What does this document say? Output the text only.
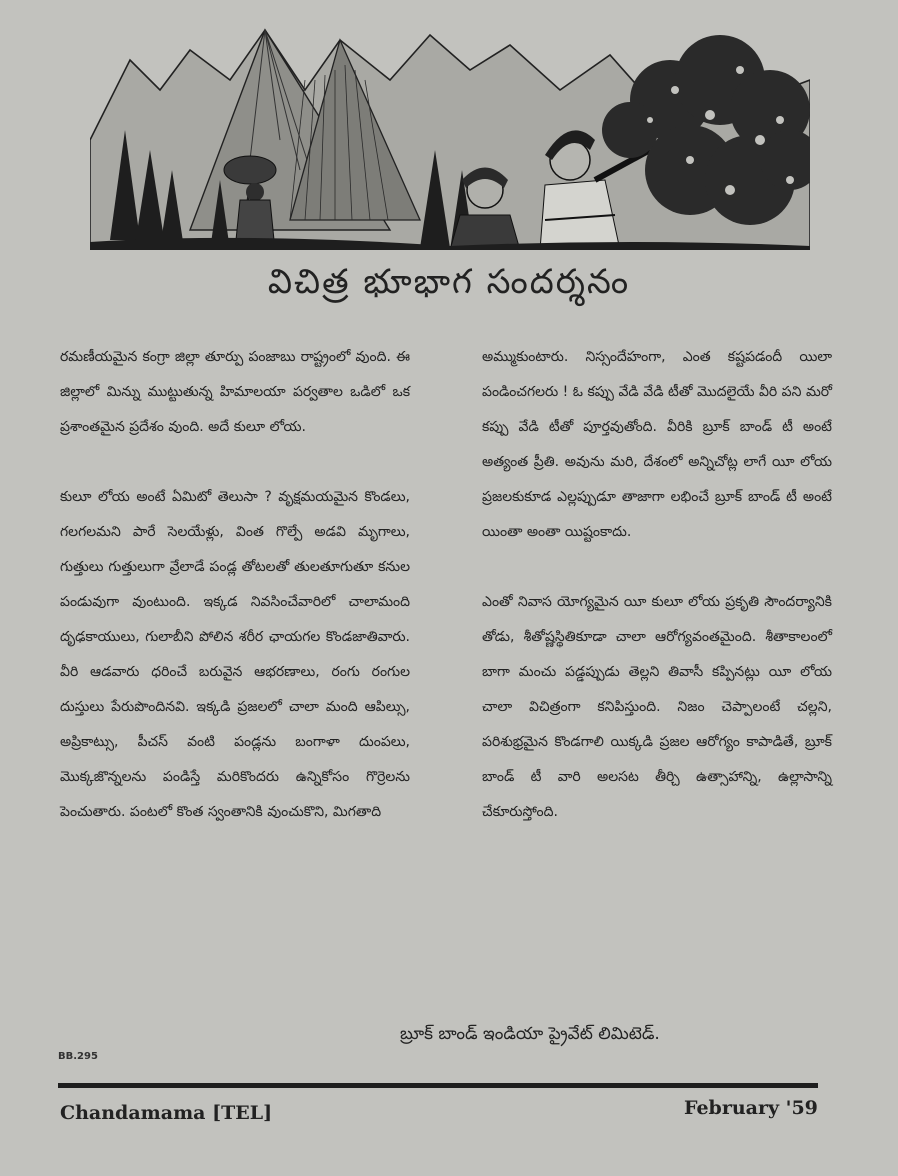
విచిత్ర భూభాగ సందర్శనం

రమణీయమైన కంగ్రా జిల్లా తూర్పు పంజాబు రాష్ట్రంలో వుంది. ఈ జిల్లాలో మిన్ను ముట్టుతున్న హిమాలయా పర్వతాల ఒడిలో ఒక ప్రశాంతమైన ప్రదేశం వుంది. అదే కులూ లోయ.

కులూ లోయ అంటే ఏమిటో తెలుసా ? వృక్షమయమైన కొండలు, గలగలమని పారే సెలయేళ్లు, వింత గొల్పే అడవి మృగాలు, గుత్తులు గుత్తులుగా వ్రేలాడే పండ్ల తోటలతో తులతూగుతూ కనుల పండువుగా వుంటుంది. ఇక్కడ నివసించేవారిలో చాలామంది దృఢకాయులు, గులాబీని పోలిన శరీర ఛాయగల కొండజాతివారు. వీరి ఆడవారు ధరించే బరువైన ఆభరణాలు, రంగు రంగుల దుస్తులు పేరుపొందినవి. ఇక్కడి ప్రజలలో చాలా మంది ఆపిల్సు, అప్రికాట్సు, పీచస్ వంటి పండ్లను బంగాళా దుంపలు, మొక్కజొన్నలను పండిస్తే మరికొందరు ఉన్నికోసం గొర్రెలను పెంచుతారు. పంటలో కొంత స్వంతానికి వుంచుకొని, మిగతాది

అమ్ముకుంటారు. నిస్సందేహంగా, ఎంత కష్టపడందీ యిలా పండించగలరు ! ఓ కప్పు వేడి వేడి టీతో మొదలైయే వీరి పని మరో కప్పు వేడి టీతో పూర్తవుతోంది. వీరికి బ్రూక్ బాండ్ టీ అంటే అత్యంత ప్రీతి. అవును మరి, దేశంలో అన్నిచోట్ల లాగే యీ లోయ ప్రజలకుకూడ ఎల్లప్పుడూ తాజాగా లభించే బ్రూక్ బాండ్ టీ అంటే యింతా అంతా యిష్టంకాదు.

ఎంతో నివాస యోగ్యమైన యీ కులూ లోయ ప్రకృతి సౌందర్యానికి తోడు, శీతోష్ణస్థితికూడా చాలా ఆరోగ్యవంతమైంది. శీతాకాలంలో బాగా మంచు పడ్డప్పుడు తెల్లని తివాసీ కప్పినట్లు యీ లోయ చాలా విచిత్రంగా కనిపిస్తుంది. నిజం చెప్పాలంటే చల్లని, పరిశుభ్రమైన కొండగాలి యిక్కడి ప్రజల ఆరోగ్యం కాపాడితే, బ్రూక్ బాండ్ టీ వారి అలసట తీర్చి ఉత్సాహాన్ని, ఉల్లాసాన్ని చేకూరుస్తోంది.

బ్రూక్ బాండ్ ఇండియా ప్రైవేట్ లిమిటెడ్.
BB.295
Chandamama [TEL]	February '59
